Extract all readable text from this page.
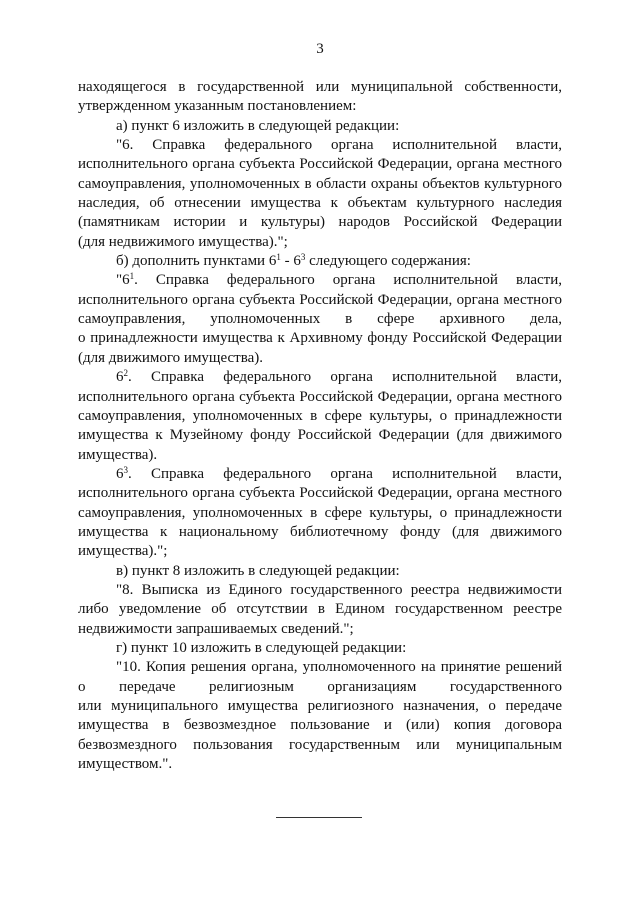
3
находящегося в государственной или муниципальной собственности,
утвержденном указанным постановлением:
а) пункт 6 изложить в следующей редакции:
"6. Справка федерального органа исполнительной власти,
исполнительного органа субъекта Российской Федерации, органа местного
самоуправления, уполномоченных в области охраны объектов культурного
наследия, об отнесении имущества к объектам культурного наследия
(памятникам истории и культуры) народов Российской Федерации
(для недвижимого имущества).";
б) дополнить пунктами $6^1 - 6^3$ следующего содержания:
"$6^1$. Справка федерального органа исполнительной власти,
исполнительного органа субъекта Российской Федерации, органа местного
самоуправления, уполномоченных в сфере архивного дела,
о принадлежности имущества к Архивному фонду Российской Федерации
(для движимого имущества).
$6^2$. Справка федерального органа исполнительной власти,
исполнительного органа субъекта Российской Федерации, органа местного
самоуправления, уполномоченных в сфере культуры, о принадлежности
имущества к Музейному фонду Российской Федерации (для движимого
имущества).
$6^3$. Справка федерального органа исполнительной власти,
исполнительного органа субъекта Российской Федерации, органа местного
самоуправления, уполномоченных в сфере культуры, о принадлежности
имущества к национальному библиотечному фонду (для движимого
имущества).";
в) пункт 8 изложить в следующей редакции:
"8. Выписка из Единого государственного реестра недвижимости
либо уведомление об отсутствии в Едином государственном реестре
недвижимости запрашиваемых сведений.";
г) пункт 10 изложить в следующей редакции:
"10. Копия решения органа, уполномоченного на принятие решений
о передаче религиозным организациям государственного
или муниципального имущества религиозного назначения, о передаче
имущества в безвозмездное пользование и (или) копия договора
безвозмездного пользования государственным или муниципальным
имуществом.".
